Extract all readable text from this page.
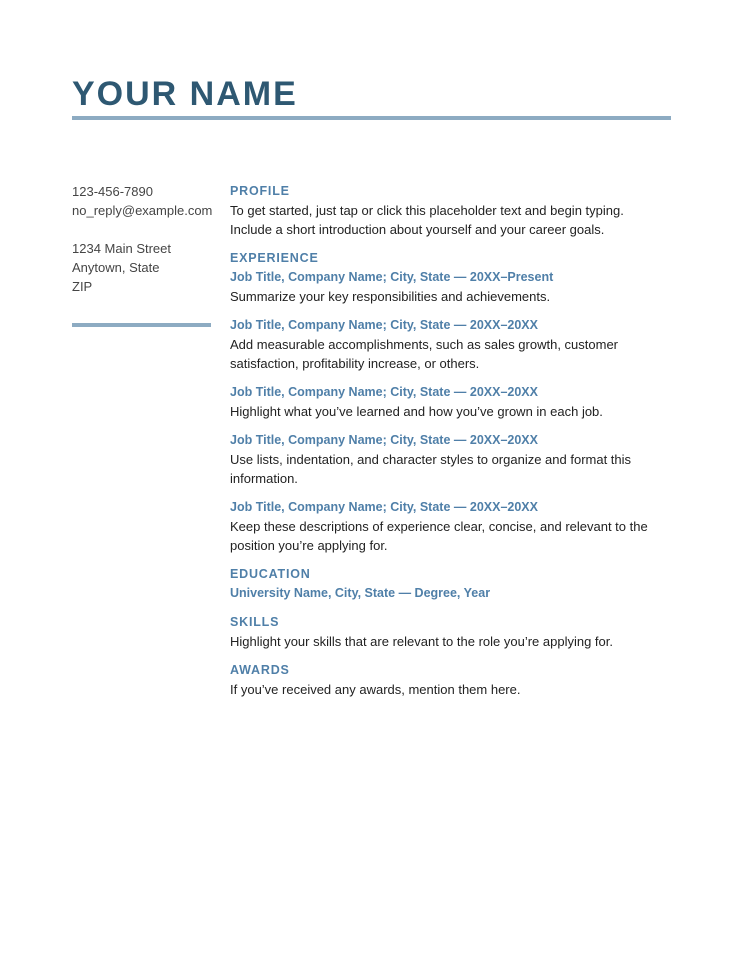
YOUR NAME
123-456-7890
no_reply@example.com
1234 Main Street
Anytown, State
ZIP
PROFILE
To get started, just tap or click this placeholder text and begin typing. Include a short introduction about yourself and your career goals.
EXPERIENCE
Job Title, Company Name; City, State — 20XX–Present
Summarize your key responsibilities and achievements.
Job Title, Company Name; City, State — 20XX–20XX
Add measurable accomplishments, such as sales growth, customer satisfaction, profitability increase, or others.
Job Title, Company Name; City, State — 20XX–20XX
Highlight what you’ve learned and how you’ve grown in each job.
Job Title, Company Name; City, State — 20XX–20XX
Use lists, indentation, and character styles to organize and format this information.
Job Title, Company Name; City, State — 20XX–20XX
Keep these descriptions of experience clear, concise, and relevant to the position you’re applying for.
EDUCATION
University Name, City, State — Degree, Year
SKILLS
Highlight your skills that are relevant to the role you’re applying for.
AWARDS
If you’ve received any awards, mention them here.
